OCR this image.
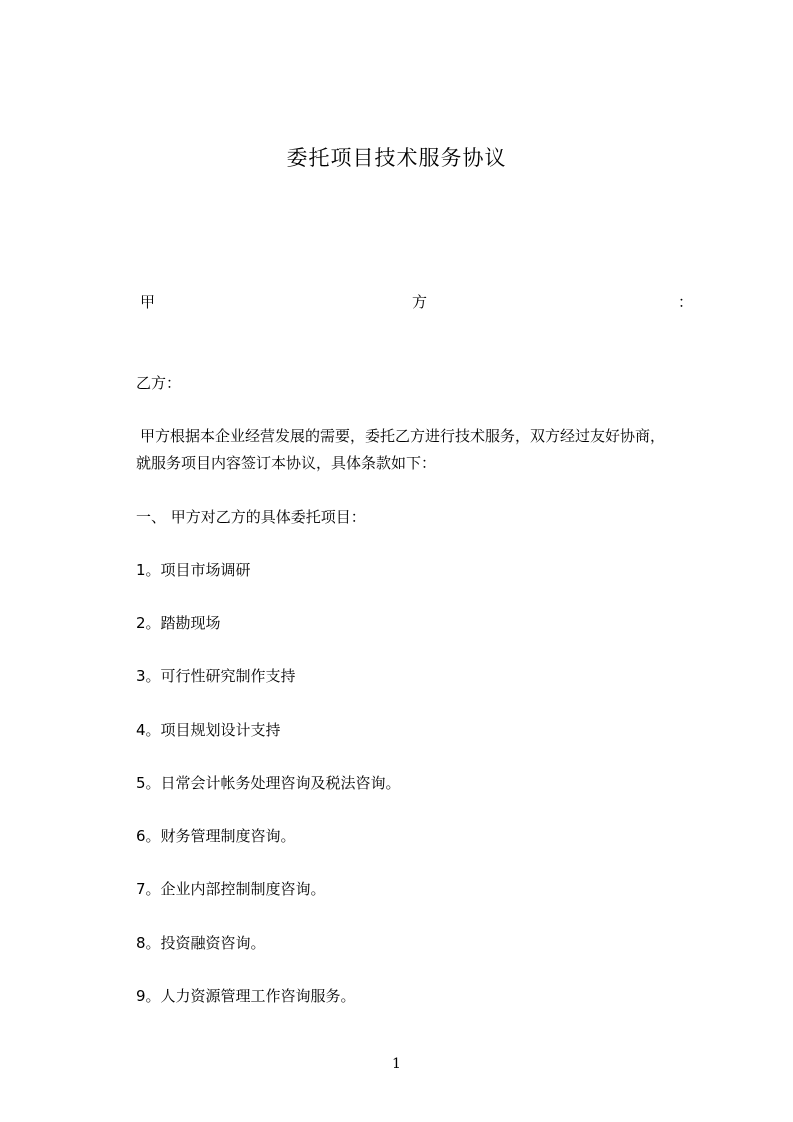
委托项目技术服务协议
甲	方	：
乙方：
甲方根据本企业经营发展的需要，委托乙方进行技术服务，双方经过友好协商，
就服务项目内容签订本协议，具体条款如下：
一、 甲方对乙方的具体委托项目：
1。项目市场调研
2。踏勘现场
3。可行性研究制作支持
4。项目规划设计支持
5。日常会计帐务处理咨询及税法咨询。
6。财务管理制度咨询。
7。企业内部控制制度咨询。
8。投资融资咨询。
9。人力资源管理工作咨询服务。
1
